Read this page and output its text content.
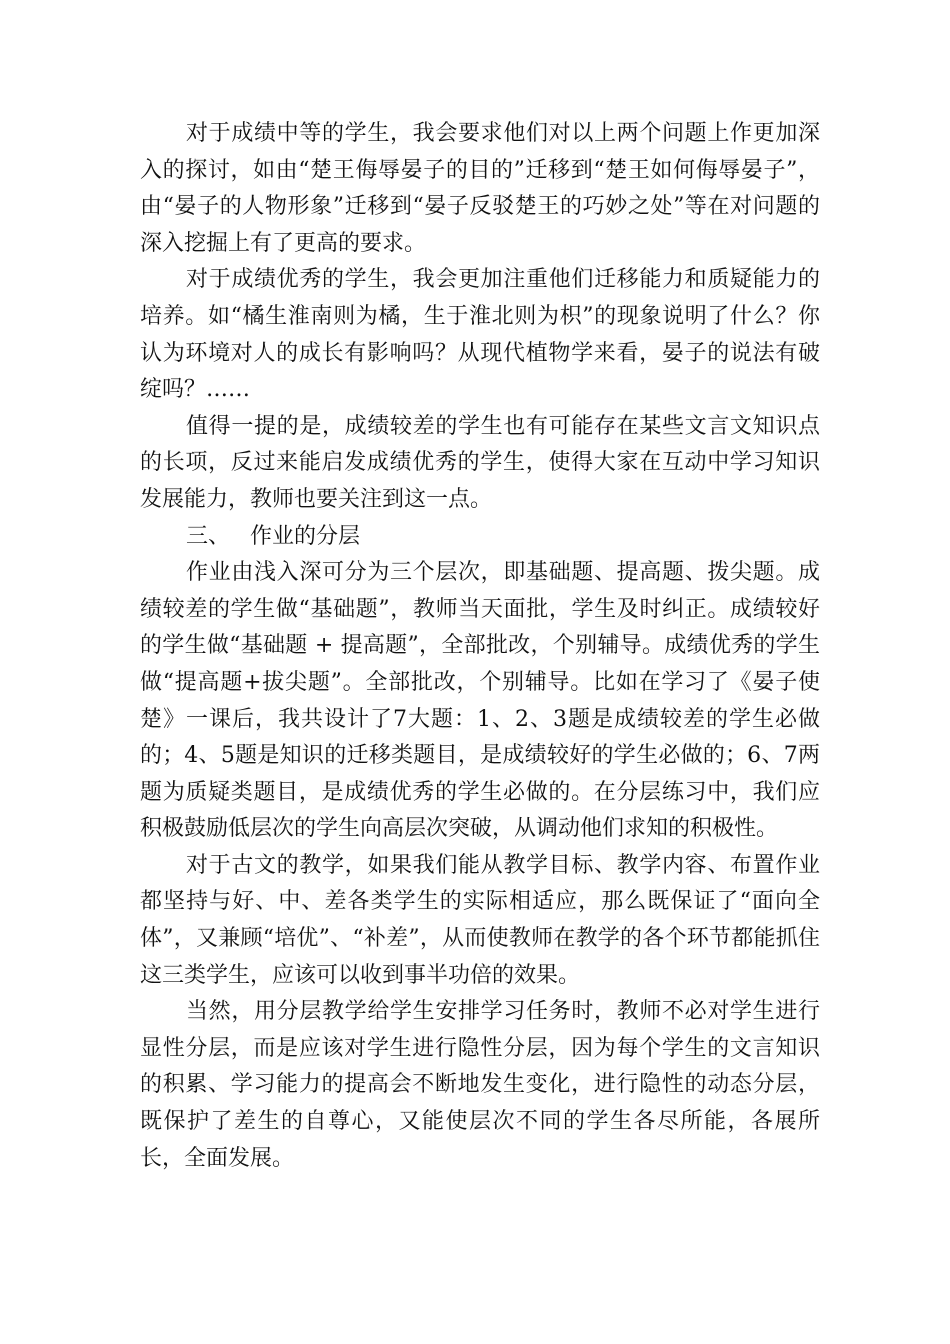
对于成绩中等的学生，我会要求他们对以上两个问题上作更加深入的探讨，如由“楚王侮辱晏子的目的”迁移到“楚王如何侮辱晏子”，由“晏子的人物形象”迁移到“晏子反驳楚王的巧妙之处”等在对问题的深入挖掘上有了更高的要求。

对于成绩优秀的学生，我会更加注重他们迁移能力和质疑能力的培养。如“橘生淮南则为橘，生于淮北则为枳”的现象说明了什么？你认为环境对人的成长有影响吗？从现代植物学来看，晏子的说法有破绽吗？……

值得一提的是，成绩较差的学生也有可能存在某些文言文知识点的长项，反过来能启发成绩优秀的学生，使得大家在互动中学习知识发展能力，教师也要关注到这一点。

三、 作业的分层

作业由浅入深可分为三个层次，即基础题、提高题、拨尖题。成绩较差的学生做“基础题”，教师当天面批，学生及时纠正。成绩较好的学生做“基础题 + 提高题”，全部批改，个别辅导。成绩优秀的学生做“提高题+拔尖题”。全部批改，个别辅导。比如在学习了《晏子使楚》一课后，我共设计了7大题：1、2、3题是成绩较差的学生必做的；4、5题是知识的迁移类题目，是成绩较好的学生必做的；6、7两题为质疑类题目，是成绩优秀的学生必做的。在分层练习中，我们应积极鼓励低层次的学生向高层次突破，从调动他们求知的积极性。

对于古文的教学，如果我们能从教学目标、教学内容、布置作业都坚持与好、中、差各类学生的实际相适应，那么既保证了“面向全体”，又兼顾“培优”、“补差”，从而使教师在教学的各个环节都能抓住这三类学生，应该可以收到事半功倍的效果。

当然，用分层教学给学生安排学习任务时，教师不必对学生进行显性分层，而是应该对学生进行隐性分层，因为每个学生的文言知识的积累、学习能力的提高会不断地发生变化，进行隐性的动态分层，既保护了差生的自尊心，又能使层次不同的学生各尽所能，各展所长，全面发展。
